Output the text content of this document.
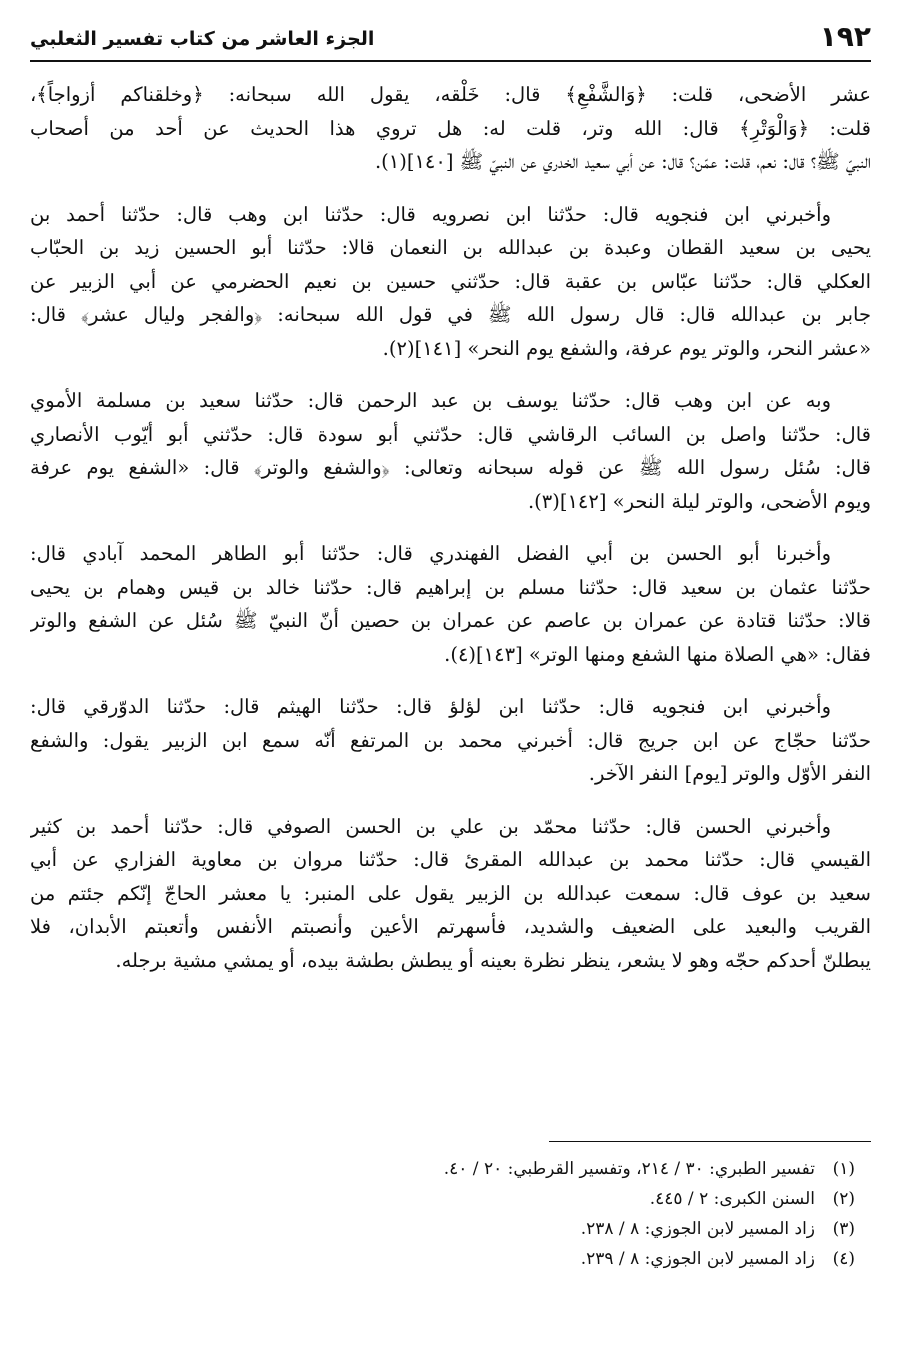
١٩٢
الجزء العاشر من كتاب تفسير الثعلبي
عشر الأضحى، قلت: ﴿وَالشَّفْعِ﴾ قال: خَلْقه، يقول الله سبحانه: ﴿وخلقناكم أزواجاً﴾،
قلت: ﴿وَالْوَتْرِ﴾ قال: الله وتر، قلت له: هل تروي هذا الحديث عن أحد من أصحاب
النبيّ ﷺ؟ قال: نعم، قلت: عمّن؟ قال: عن أبي سعيد الخدري عن النبيّ ﷺ [١٤٠](١).
وأخبرني ابن فنجويه قال: حدّثنا ابن نصرويه قال: حدّثنا ابن وهب قال: حدّثنا أحمد بن
يحيى بن سعيد القطان وعبدة بن عبدالله بن النعمان قالا: حدّثنا أبو الحسين زيد بن الحبّاب
العكلي قال: حدّثنا عبّاس بن عقبة قال: حدّثني حسين بن نعيم الحضرمي عن أبي الزبير عن
جابر بن عبدالله قال: قال رسول الله ﷺ في قول الله سبحانه: ﴿والفجر وليال عشر﴾ قال:
«عشر النحر، والوتر يوم عرفة، والشفع يوم النحر» [١٤١](٢).
وبه عن ابن وهب قال: حدّثنا يوسف بن عبد الرحمن قال: حدّثنا سعيد بن مسلمة الأموي
قال: حدّثنا واصل بن السائب الرقاشي قال: حدّثني أبو سودة قال: حدّثني أبو أيّوب الأنصاري
قال: سُئل رسول الله ﷺ عن قوله سبحانه وتعالى: ﴿والشفع والوتر﴾ قال: «الشفع يوم عرفة
ويوم الأضحى، والوتر ليلة النحر» [١٤٢](٣).
وأخبرنا أبو الحسن بن أبي الفضل الفهندري قال: حدّثنا أبو الطاهر المحمد آبادي قال:
حدّثنا عثمان بن سعيد قال: حدّثنا مسلم بن إبراهيم قال: حدّثنا خالد بن قيس وهمام بن يحيى
قالا: حدّثنا قتادة عن عمران بن عاصم عن عمران بن حصين أنّ النبيّ ﷺ سُئل عن الشفع والوتر
فقال: «هي الصلاة منها الشفع ومنها الوتر» [١٤٣](٤).
وأخبرني ابن فنجويه قال: حدّثنا ابن لؤلؤ قال: حدّثنا الهيثم قال: حدّثنا الدوّرقي قال:
حدّثنا حجّاج عن ابن جريج قال: أخبرني محمد بن المرتفع أنّه سمع ابن الزبير يقول: والشفع
النفر الأوّل والوتر [يوم] النفر الآخر.
وأخبرني الحسن قال: حدّثنا محمّد بن علي بن الحسن الصوفي قال: حدّثنا أحمد بن كثير
القيسي قال: حدّثنا محمد بن عبدالله المقرئ قال: حدّثنا مروان بن معاوية الفزاري عن أبي
سعيد بن عوف قال: سمعت عبدالله بن الزبير يقول على المنبر: يا معشر الحاجّ إنّكم جئتم من
القريب والبعيد على الضعيف والشديد، فأسهرتم الأعين وأنصبتم الأنفس وأتعبتم الأبدان، فلا
يبطلنّ أحدكم حجّه وهو لا يشعر، ينظر نظرة بعينه أو يبطش بطشة بيده، أو يمشي مشية برجله.
(١)تفسير الطبري: ٣٠ / ٢١٤، وتفسير القرطبي: ٢٠ / ٤٠.
(٢)السنن الكبرى: ٢ / ٤٤٥.
(٣)زاد المسير لابن الجوزي: ٨ / ٢٣٨.
(٤)زاد المسير لابن الجوزي: ٨ / ٢٣٩.
